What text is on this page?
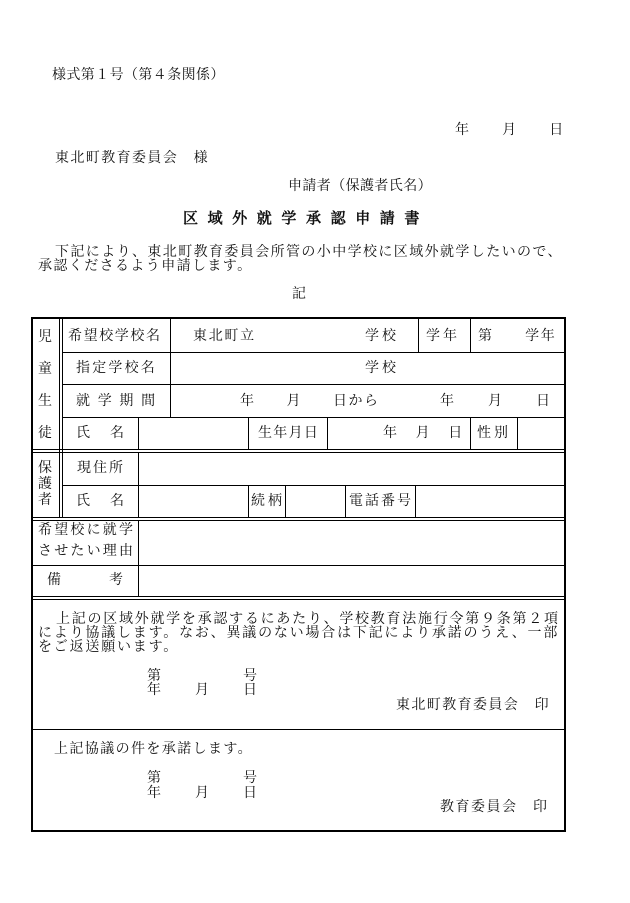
様式第１号（第４条関係）
年　　月　　日
東北町教育委員会　様
申請者（保護者氏名）
区域外就学承認申請書
下記により、東北町教育委員会所管の小中学校に区域外就学したいので、
承認くださるよう申請します。
記
児童生徒
希望校学校名 東北町立	学校 学年 第　　学年
指定学校名	学校
就学期間	年　　月　　日から	年　　月　　日
氏　名	生年月日	年　月　日 性別
保護者
現住所
氏　名	続柄	電話番号
希望校に就学
させたい理由
備　　　考
上記の区域外就学を承認するにあたり、学校教育法施行令第９条第２項
により協議します。なお、異議のない場合は下記により承諾のうえ、一部
をご返送願います。
第　　　　　号
年　　月　　日
東北町教育委員会　印
上記協議の件を承諾します。
第　　　　　号
年　　月　　日
教育委員会　印
